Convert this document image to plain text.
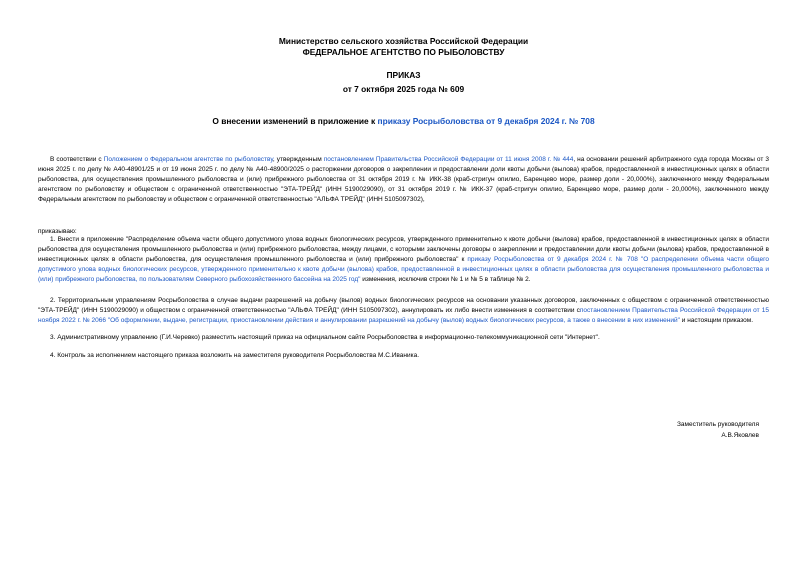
Министерство сельского хозяйства Российской Федерации
ФЕДЕРАЛЬНОЕ АГЕНТСТВО ПО РЫБОЛОВСТВУ
ПРИКАЗ
от 7 октября 2025 года № 609
О внесении изменений в приложение к приказу Росрыболовства от 9 декабря 2024 г. № 708

В соответствии с Положением о Федеральном агентстве по рыболовству, утвержденным постановлением Правительства Российской Федерации от 11 июня 2008 г. № 444, на основании решений арбитражного суда города Москвы от 3 июня 2025 г. по делу № А40-48901/25 и от 19 июня 2025 г. по делу № А40-48900/2025 о расторжении договоров о закреплении и предоставлении доли квоты добычи (вылова) крабов, предоставленной в инвестиционных целях в области рыболовства, для осуществления промышленного рыболовства и (или) прибрежного рыболовства от 31 октября 2019 г. № ИКК-38 (краб-стригун опилио, Баренцево море, размер доли - 20,000%), заключенного между Федеральным агентством по рыболовству и обществом с ограниченной ответственностью "ЭТА-ТРЕЙД" (ИНН 5190029090), от 31 октября 2019 г. № ИКК-37 (краб-стригун опилио, Баренцево море, размер доли - 20,000%), заключенного между Федеральным агентством по рыболовству и обществом с ограниченной ответственностью "АЛЬФА ТРЕЙД" (ИНН 5105097302),

приказываю:

1. Внести в приложение "Распределение объема части общего допустимого улова водных биологических ресурсов, утвержденного применительно к квоте добычи (вылова) крабов, предоставленной в инвестиционных целях в области рыболовства для осуществления промышленного рыболовства и (или) прибрежного рыболовства, между лицами, с которыми заключены договоры о закреплении и предоставлении доли квоты добычи (вылова) крабов, предоставленной в инвестиционных целях в области рыболовства, для осуществления промышленного рыболовства и (или) прибрежного рыболовства" к приказу Росрыболовства от 9 декабря 2024 г. № 708 "О распределении объема части общего допустимого улова водных биологических ресурсов, утвержденного применительно к квоте добычи (вылова) крабов, предоставленной в инвестиционных целях в области рыболовства для осуществления промышленного рыболовства и (или) прибрежного рыболовства, по пользователям Северного рыбохозяйственного бассейна на 2025 год" изменения, исключив строки № 1 и № 5 в таблице № 2.

2. Территориальным управлениям Росрыболовства в случае выдачи разрешений на добычу (вылов) водных биологических ресурсов на основании указанных договоров, заключенных с обществом с ограниченной ответственностью "ЭТА-ТРЕЙД" (ИНН 5190029090) и обществом с ограниченной ответственностью "АЛЬФА ТРЕЙД" (ИНН 5105097302), аннулировать их либо внести изменения в соответствии спостановлением Правительства Российской Федерации от 15 ноября 2022 г. № 2066 "Об оформлении, выдаче, регистрации, приостановлении действия и аннулировании разрешений на добычу (вылов) водных биологических ресурсов, а также о внесении в них изменений" и настоящим приказом.

3. Административному управлению (Г.И.Черевко) разместить настоящий приказ на официальном сайте Росрыболовства в информационно-телекоммуникационной сети "Интернет".

4. Контроль за исполнением настоящего приказа возложить на заместителя руководителя Росрыболовства М.С.Иваника.

Заместитель руководителя
А.В.Яковлев
